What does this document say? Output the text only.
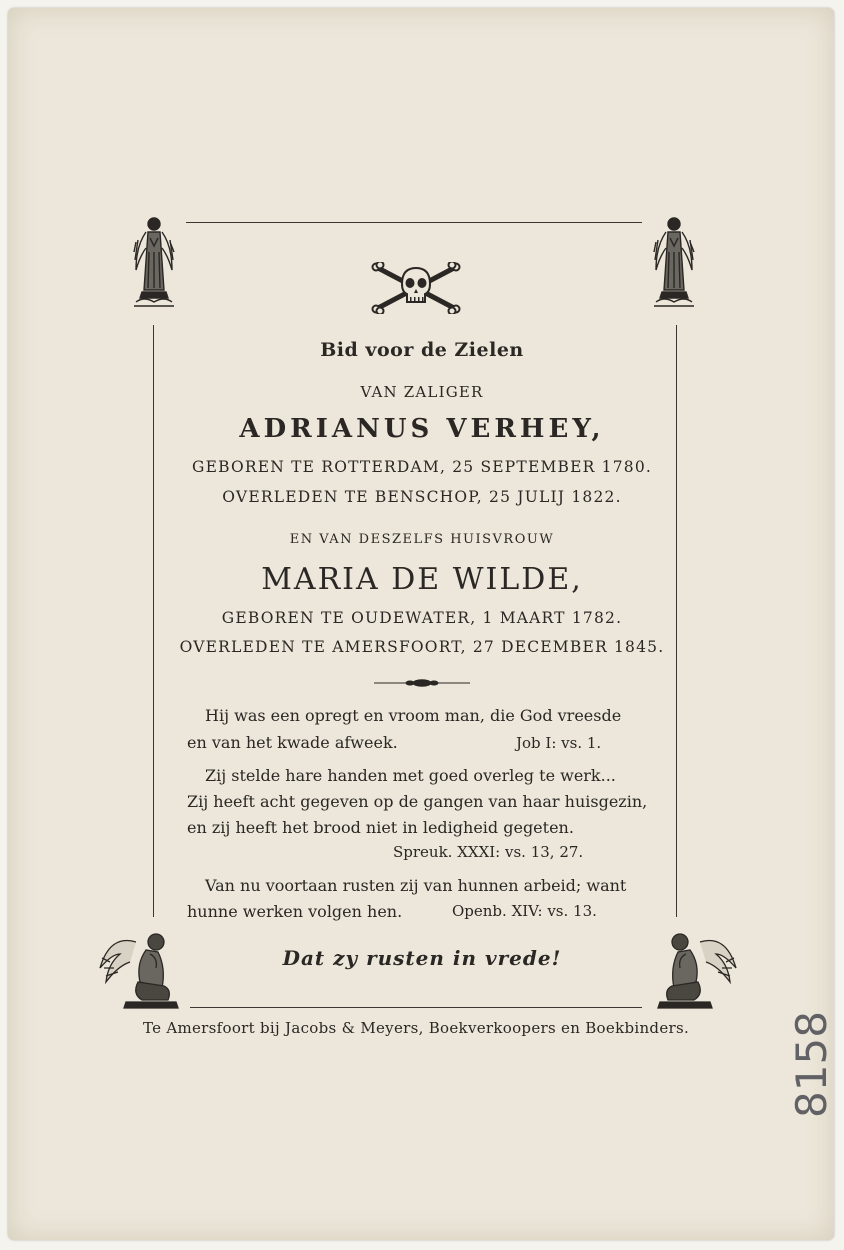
Bid voor de Zielen
VAN ZALIGER
ADRIANUS VERHEY,
GEBOREN TE ROTTERDAM, 25 SEPTEMBER 1780.
OVERLEDEN TE BENSCHOP, 25 JULIJ 1822.
EN VAN DESZELFS HUISVROUW
MARIA DE WILDE,
GEBOREN TE OUDEWATER, 1 MAART 1782.
OVERLEDEN TE AMERSFOORT, 27 DECEMBER 1845.
Hij was een opregt en vroom man, die God vreesde
en van het kwade afweek.	Job I: vs. 1.
Zij stelde hare handen met goed overleg te werk...
Zij heeft acht gegeven op de gangen van haar huisgezin,
en zij heeft het brood niet in ledigheid gegeten.
Spreuk. XXXI: vs. 13, 27.
Van nu voortaan rusten zij van hunnen arbeid; want
hunne werken volgen hen.	Openb. XIV: vs. 13.
Dat zy rusten in vrede!
Te Amersfoort bij Jacobs & Meyers, Boekverkoopers en Boekbinders.	8158
